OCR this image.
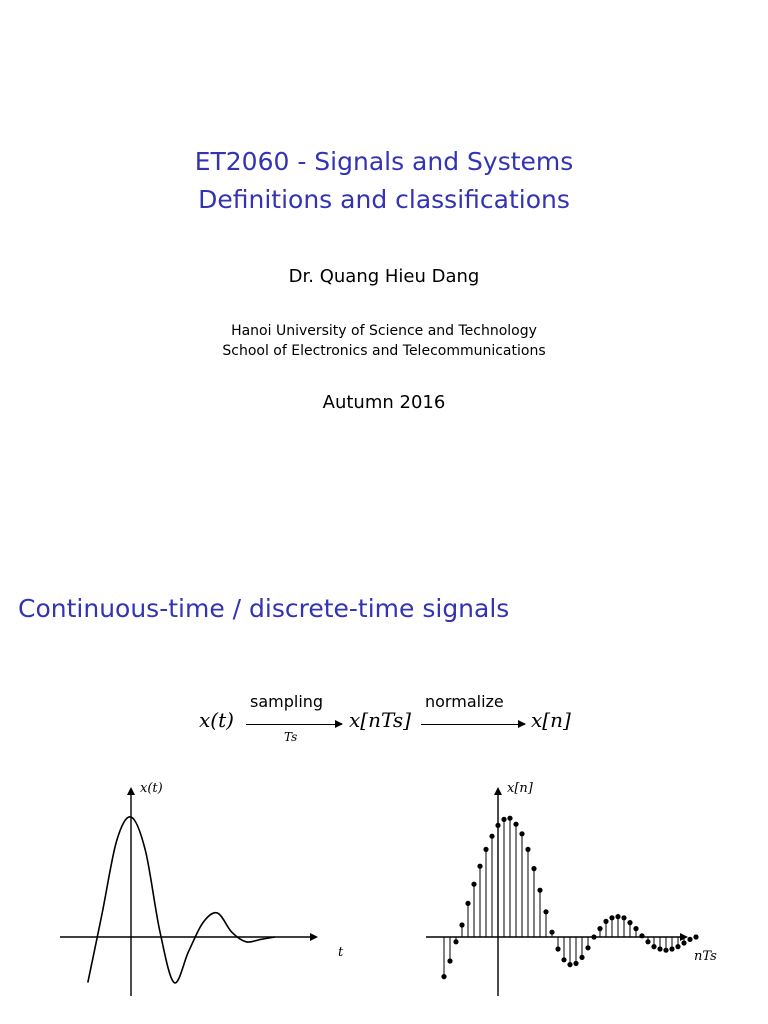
ET2060 - Signals and Systems
Definitions and classifications
Dr. Quang Hieu Dang
Hanoi University of Science and Technology
School of Electronics and Telecommunications
Autumn 2016
Continuous-time / discrete-time signals
x(t)
sampling
Ts
x[nTs]
normalize
x[n]
x(t)
t
x[n]
nTs
